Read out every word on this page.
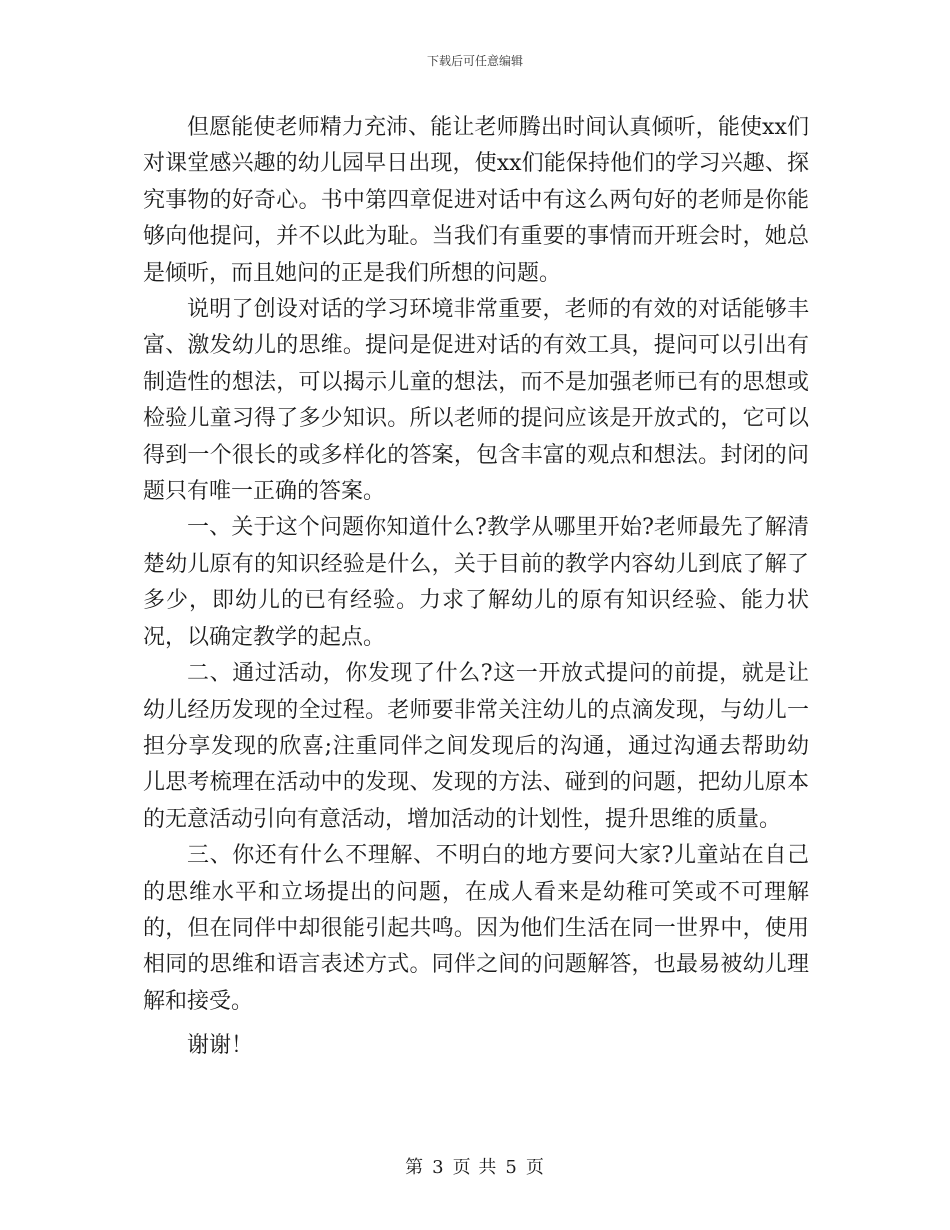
下载后可任意编辑

但愿能使老师精力充沛、能让老师腾出时间认真倾听，能使xx们对课堂感兴趣的幼儿园早日出现，使xx们能保持他们的学习兴趣、探究事物的好奇心。书中第四章促进对话中有这么两句好的老师是你能够向他提问，并不以此为耻。当我们有重要的事情而开班会时，她总是倾听，而且她问的正是我们所想的问题。

说明了创设对话的学习环境非常重要，老师的有效的对话能够丰富、激发幼儿的思维。提问是促进对话的有效工具，提问可以引出有制造性的想法，可以揭示儿童的想法，而不是加强老师已有的思想或检验儿童习得了多少知识。所以老师的提问应该是开放式的，它可以得到一个很长的或多样化的答案，包含丰富的观点和想法。封闭的问题只有唯一正确的答案。

一、关于这个问题你知道什么?教学从哪里开始?老师最先了解清楚幼儿原有的知识经验是什么，关于目前的教学内容幼儿到底了解了多少，即幼儿的已有经验。力求了解幼儿的原有知识经验、能力状况，以确定教学的起点。

二、通过活动，你发现了什么?这一开放式提问的前提，就是让幼儿经历发现的全过程。老师要非常关注幼儿的点滴发现，与幼儿一担分享发现的欣喜;注重同伴之间发现后的沟通，通过沟通去帮助幼儿思考梳理在活动中的发现、发现的方法、碰到的问题，把幼儿原本的无意活动引向有意活动，增加活动的计划性，提升思维的质量。

三、你还有什么不理解、不明白的地方要问大家?儿童站在自己的思维水平和立场提出的问题，在成人看来是幼稚可笑或不可理解的，但在同伴中却很能引起共鸣。因为他们生活在同一世界中，使用相同的思维和语言表述方式。同伴之间的问题解答，也最易被幼儿理解和接受。

谢谢！

第 3 页 共 5 页
